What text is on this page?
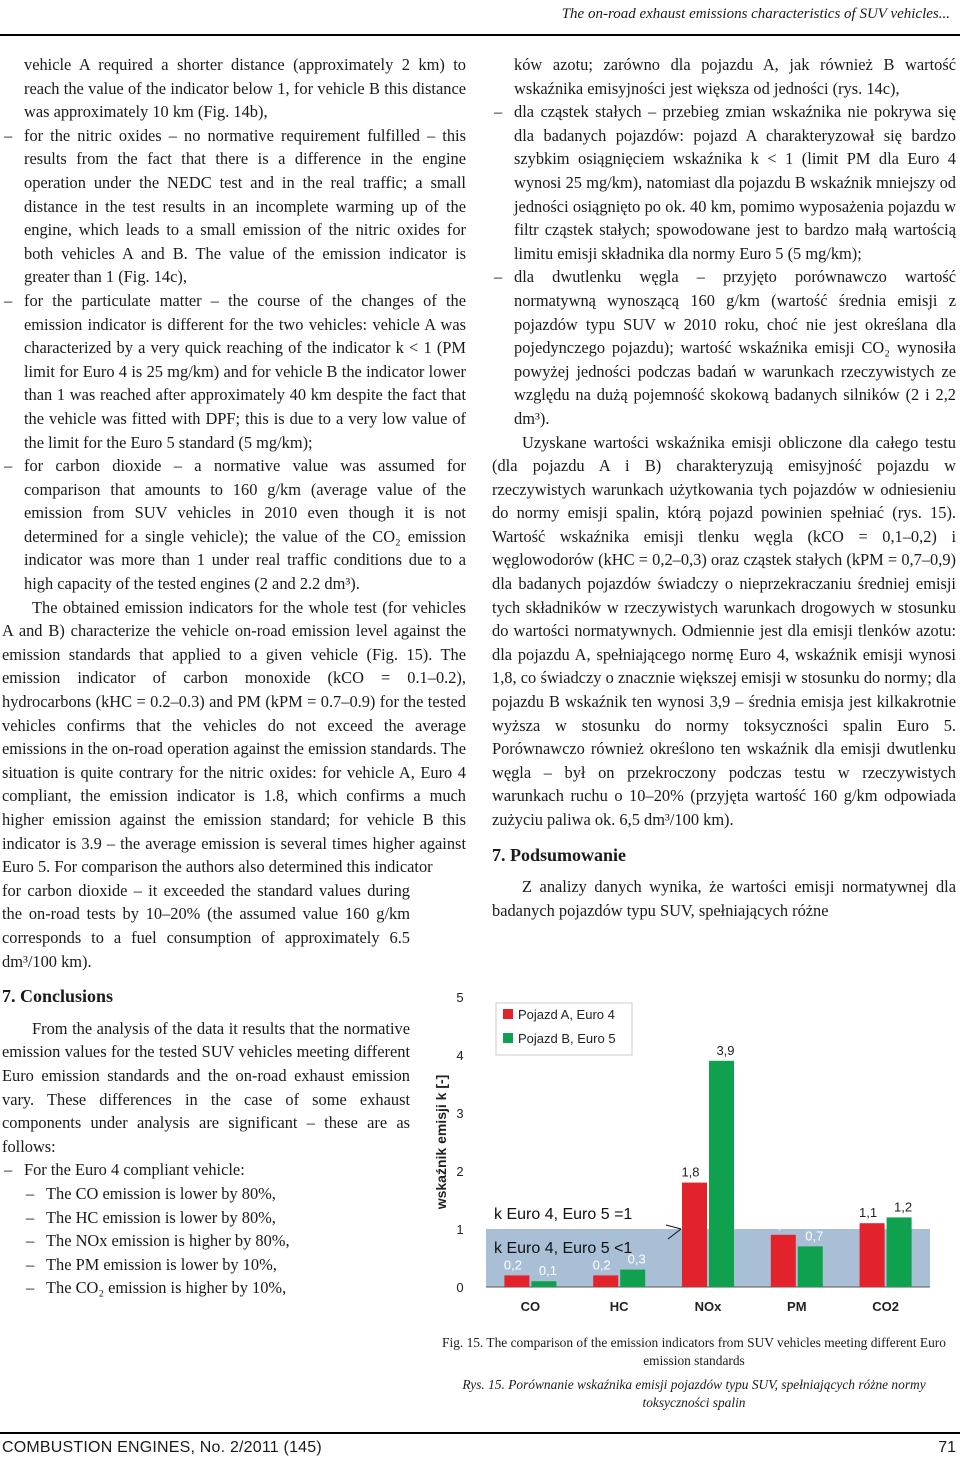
The on-road exhaust emissions characteristics of SUV vehicles...

vehicle A required a shorter distance (approximately 2 km) to reach the value of the indicator below 1, for vehicle B this distance was approximately 10 km (Fig. 14b),

– for the nitric oxides – no normative requirement fulfilled – this results from the fact that there is a difference in the engine operation under the NEDC test and in the real traffic; a small distance in the test results in an incomplete warming up of the engine, which leads to a small emission of the nitric oxides for both vehicles A and B. The value of the emission indicator is greater than 1 (Fig. 14c),

– for the particulate matter – the course of the changes of the emission indicator is different for the two vehicles: vehicle A was characterized by a very quick reaching of the indicator k < 1 (PM limit for Euro 4 is 25 mg/km) and for vehicle B the indicator lower than 1 was reached after approximately 40 km despite the fact that the vehicle was fitted with DPF; this is due to a very low value of the limit for the Euro 5 standard (5 mg/km);

– for carbon dioxide – a normative value was assumed for comparison that amounts to 160 g/km (average value of the emission from SUV vehicles in 2010 even though it is not determined for a single vehicle); the value of the CO₂ emission indicator was more than 1 under real traffic conditions due to a high capacity of the tested engines (2 and 2.2 dm³).

The obtained emission indicators for the whole test (for vehicles A and B) characterize the vehicle on-road emission level against the emission standards that applied to a given vehicle (Fig. 15). The emission indicator of carbon monoxide (kCO = 0.1–0.2), hydrocarbons (kHC = 0.2–0.3) and PM (kPM = 0.7–0.9) for the tested vehicles confirms that the vehicles do not exceed the average emissions in the on-road operation against the emission standards. The situation is quite contrary for the nitric oxides: for vehicle A, Euro 4 compliant, the emission indicator is 1.8, which confirms a much higher emission against the emission standard; for vehicle B this indicator is 3.9 – the average emission is several times higher against Euro 5. For comparison the authors also determined this indicator

for carbon dioxide – it exceeded the standard values during the on-road tests by 10–20% (the assumed value 160 g/km corresponds to a fuel consumption of approximately 6.5 dm³/100 km).

7. Conclusions

From the analysis of the data it results that the normative emission values for the tested SUV vehicles meeting different Euro emission standards and the on-road exhaust emission vary. These differences in the case of some exhaust components under analysis are significant – these are as follows:

– For the Euro 4 compliant vehicle:

– The CO emission is lower by 80%,

– The HC emission is lower by 80%,

– The NOx emission is higher by 80%,

– The PM emission is lower by 10%,

– The CO₂ emission is higher by 10%,

ków azotu; zarówno dla pojazdu A, jak również B wartość wskaźnika emisyjności jest większa od jedności (rys. 14c),

– dla cząstek stałych – przebieg zmian wskaźnika nie pokrywa się dla badanych pojazdów: pojazd A charakteryzował się bardzo szybkim osiągnięciem wskaźnika k < 1 (limit PM dla Euro 4 wynosi 25 mg/km), natomiast dla pojazdu B wskaźnik mniejszy od jedności osiągnięto po ok. 40 km, pomimo wyposażenia pojazdu w filtr cząstek stałych; spowodowane jest to bardzo małą wartością limitu emisji składnika dla normy Euro 5 (5 mg/km);

– dla dwutlenku węgla – przyjęto porównawczo wartość normatywną wynoszącą 160 g/km (wartość średnia emisji z pojazdów typu SUV w 2010 roku, choć nie jest określana dla pojedynczego pojazdu); wartość wskaźnika emisji CO₂ wynosiła powyżej jedności podczas badań w warunkach rzeczywistych ze względu na dużą pojemność skokową badanych silników (2 i 2,2 dm³).

Uzyskane wartości wskaźnika emisji obliczone dla całego testu (dla pojazdu A i B) charakteryzują emisyjność pojazdu w rzeczywistych warunkach użytkowania tych pojazdów w odniesieniu do normy emisji spalin, którą pojazd powinien spełniać (rys. 15). Wartość wskaźnika emisji tlenku węgla (kCO = 0,1–0,2) i węglowodorów (kHC = 0,2–0,3) oraz cząstek stałych (kPM = 0,7–0,9) dla badanych pojazdów świadczy o nieprzekraczaniu średniej emisji tych składników w rzeczywistych warunkach drogowych w stosunku do wartości normatywnych. Odmiennie jest dla emisji tlenków azotu: dla pojazdu A, spełniającego normę Euro 4, wskaźnik emisji wynosi 1,8, co świadczy o znacznie większej emisji w stosunku do normy; dla pojazdu B wskaźnik ten wynosi 3,9 – średnia emisja jest kilkakrotnie wyższa w stosunku do normy toksyczności spalin Euro 5. Porównawczo również określono ten wskaźnik dla emisji dwutlenku węgla – był on przekroczony podczas testu w rzeczywistych warunkach ruchu o 10–20% (przyjęta wartość 160 g/km odpowiada zużyciu paliwa ok. 6,5 dm³/100 km).

7. Podsumowanie

Z analizy danych wynika, że wartości emisji normatywnej dla badanych pojazdów typu SUV, spełniających różne

0
1
2
3
4
5
wskaźnik emisji k [-]
0,2 0,1
CO
0,2 0,3
HC
1,8
3,9
NOx
0,9
0,7
PM
1,1 1,2
CO2
Pojazd A, Euro 4
Pojazd B, Euro 5
k Euro 4, Euro 5 =1
k Euro 4, Euro 5 <1
Fig. 15. The comparison of the emission indicators from SUV vehicles meeting different Euro emission standards
Rys. 15. Porównanie wskaźnika emisji pojazdów typu SUV, spełniających różne normy toksyczności spalin
COMBUSTION ENGINES, No. 2/2011 (145)	71
